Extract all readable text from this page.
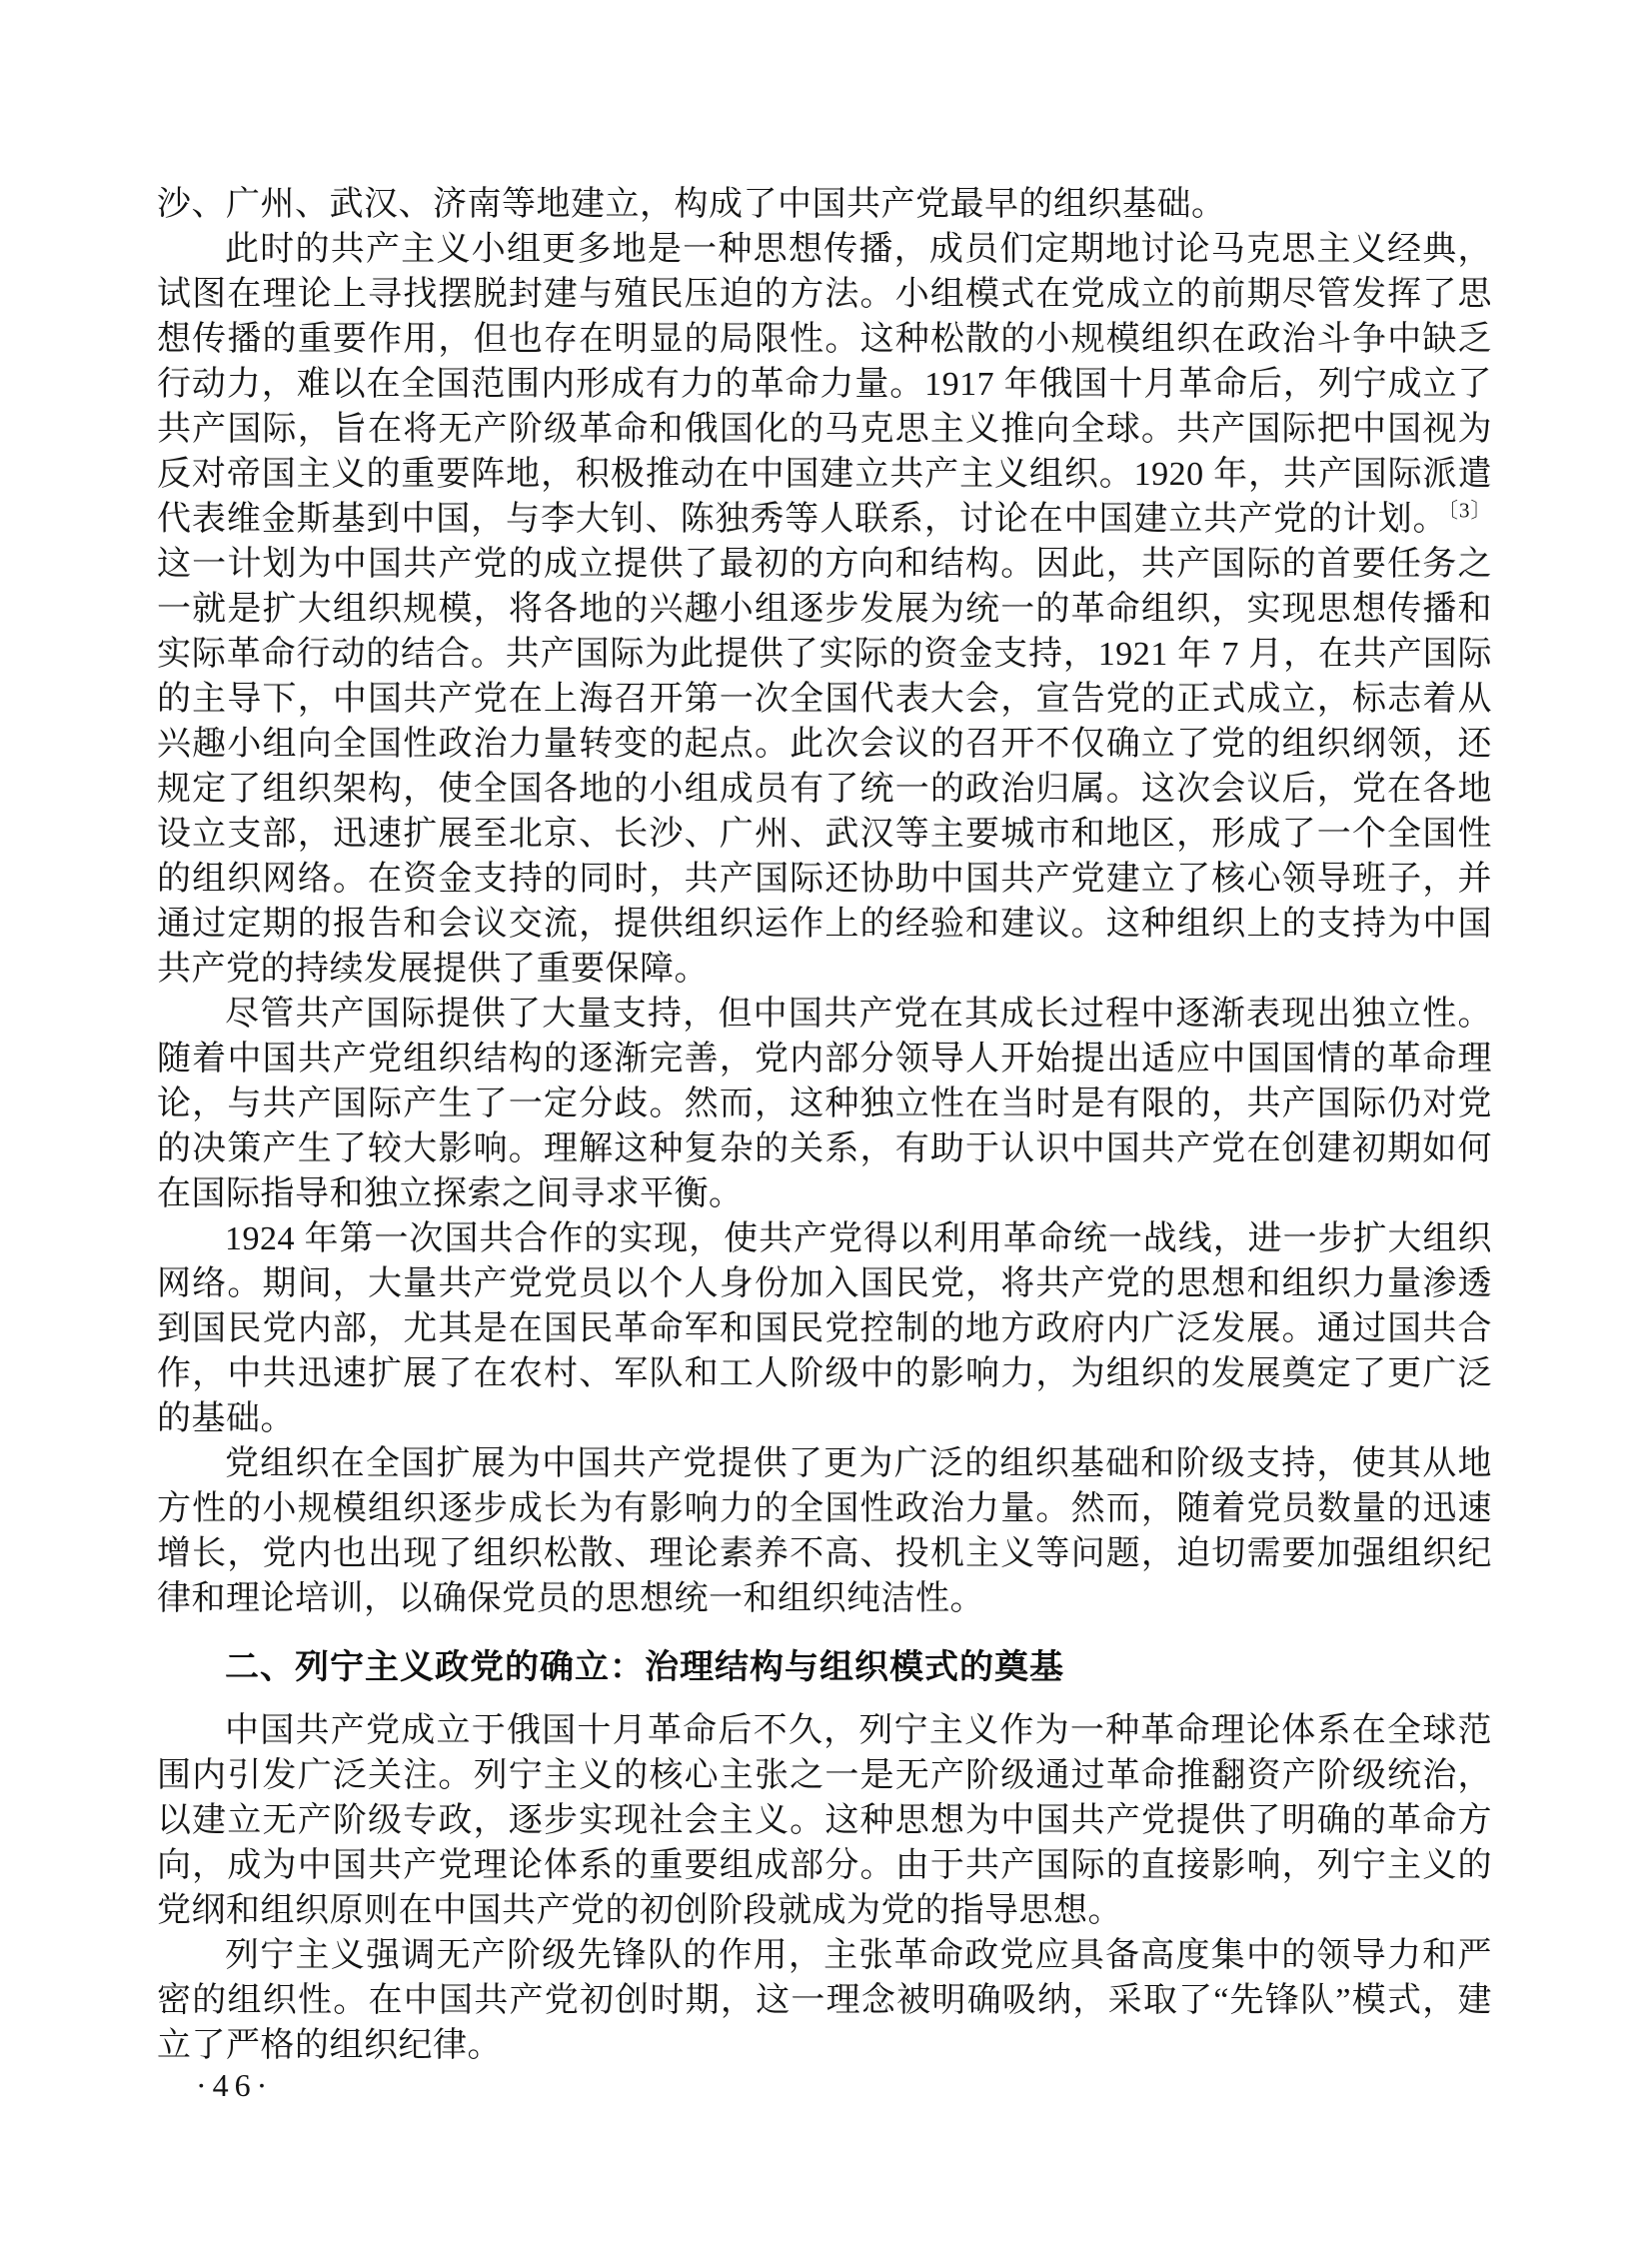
沙、广州、武汉、济南等地建立，构成了中国共产党最早的组织基础。

此时的共产主义小组更多地是一种思想传播，成员们定期地讨论马克思主义经典，试图在理论上寻找摆脱封建与殖民压迫的方法。小组模式在党成立的前期尽管发挥了思想传播的重要作用，但也存在明显的局限性。这种松散的小规模组织在政治斗争中缺乏行动力，难以在全国范围内形成有力的革命力量。1917 年俄国十月革命后，列宁成立了共产国际，旨在将无产阶级革命和俄国化的马克思主义推向全球。共产国际把中国视为反对帝国主义的重要阵地，积极推动在中国建立共产主义组织。1920 年，共产国际派遣代表维金斯基到中国，与李大钊、陈独秀等人联系，讨论在中国建立共产党的计划。$^{〔3〕}$这一计划为中国共产党的成立提供了最初的方向和结构。因此，共产国际的首要任务之一就是扩大组织规模，将各地的兴趣小组逐步发展为统一的革命组织，实现思想传播和实际革命行动的结合。共产国际为此提供了实际的资金支持，1921 年 7 月，在共产国际的主导下，中国共产党在上海召开第一次全国代表大会，宣告党的正式成立，标志着从兴趣小组向全国性政治力量转变的起点。此次会议的召开不仅确立了党的组织纲领，还规定了组织架构，使全国各地的小组成员有了统一的政治归属。这次会议后，党在各地设立支部，迅速扩展至北京、长沙、广州、武汉等主要城市和地区，形成了一个全国性的组织网络。在资金支持的同时，共产国际还协助中国共产党建立了核心领导班子，并通过定期的报告和会议交流，提供组织运作上的经验和建议。这种组织上的支持为中国共产党的持续发展提供了重要保障。

尽管共产国际提供了大量支持，但中国共产党在其成长过程中逐渐表现出独立性。随着中国共产党组织结构的逐渐完善，党内部分领导人开始提出适应中国国情的革命理论，与共产国际产生了一定分歧。然而，这种独立性在当时是有限的，共产国际仍对党的决策产生了较大影响。理解这种复杂的关系，有助于认识中国共产党在创建初期如何在国际指导和独立探索之间寻求平衡。

1924 年第一次国共合作的实现，使共产党得以利用革命统一战线，进一步扩大组织网络。期间，大量共产党党员以个人身份加入国民党，将共产党的思想和组织力量渗透到国民党内部，尤其是在国民革命军和国民党控制的地方政府内广泛发展。通过国共合作，中共迅速扩展了在农村、军队和工人阶级中的影响力，为组织的发展奠定了更广泛的基础。

党组织在全国扩展为中国共产党提供了更为广泛的组织基础和阶级支持，使其从地方性的小规模组织逐步成长为有影响力的全国性政治力量。然而，随着党员数量的迅速增长，党内也出现了组织松散、理论素养不高、投机主义等问题，迫切需要加强组织纪律和理论培训，以确保党员的思想统一和组织纯洁性。

二、列宁主义政党的确立：治理结构与组织模式的奠基

中国共产党成立于俄国十月革命后不久，列宁主义作为一种革命理论体系在全球范围内引发广泛关注。列宁主义的核心主张之一是无产阶级通过革命推翻资产阶级统治，以建立无产阶级专政，逐步实现社会主义。这种思想为中国共产党提供了明确的革命方向，成为中国共产党理论体系的重要组成部分。由于共产国际的直接影响，列宁主义的党纲和组织原则在中国共产党的初创阶段就成为党的指导思想。

列宁主义强调无产阶级先锋队的作用，主张革命政党应具备高度集中的领导力和严密的组织性。在中国共产党初创时期，这一理念被明确吸纳，采取了“先锋队”模式，建立了严格的组织纪律。

·46·
